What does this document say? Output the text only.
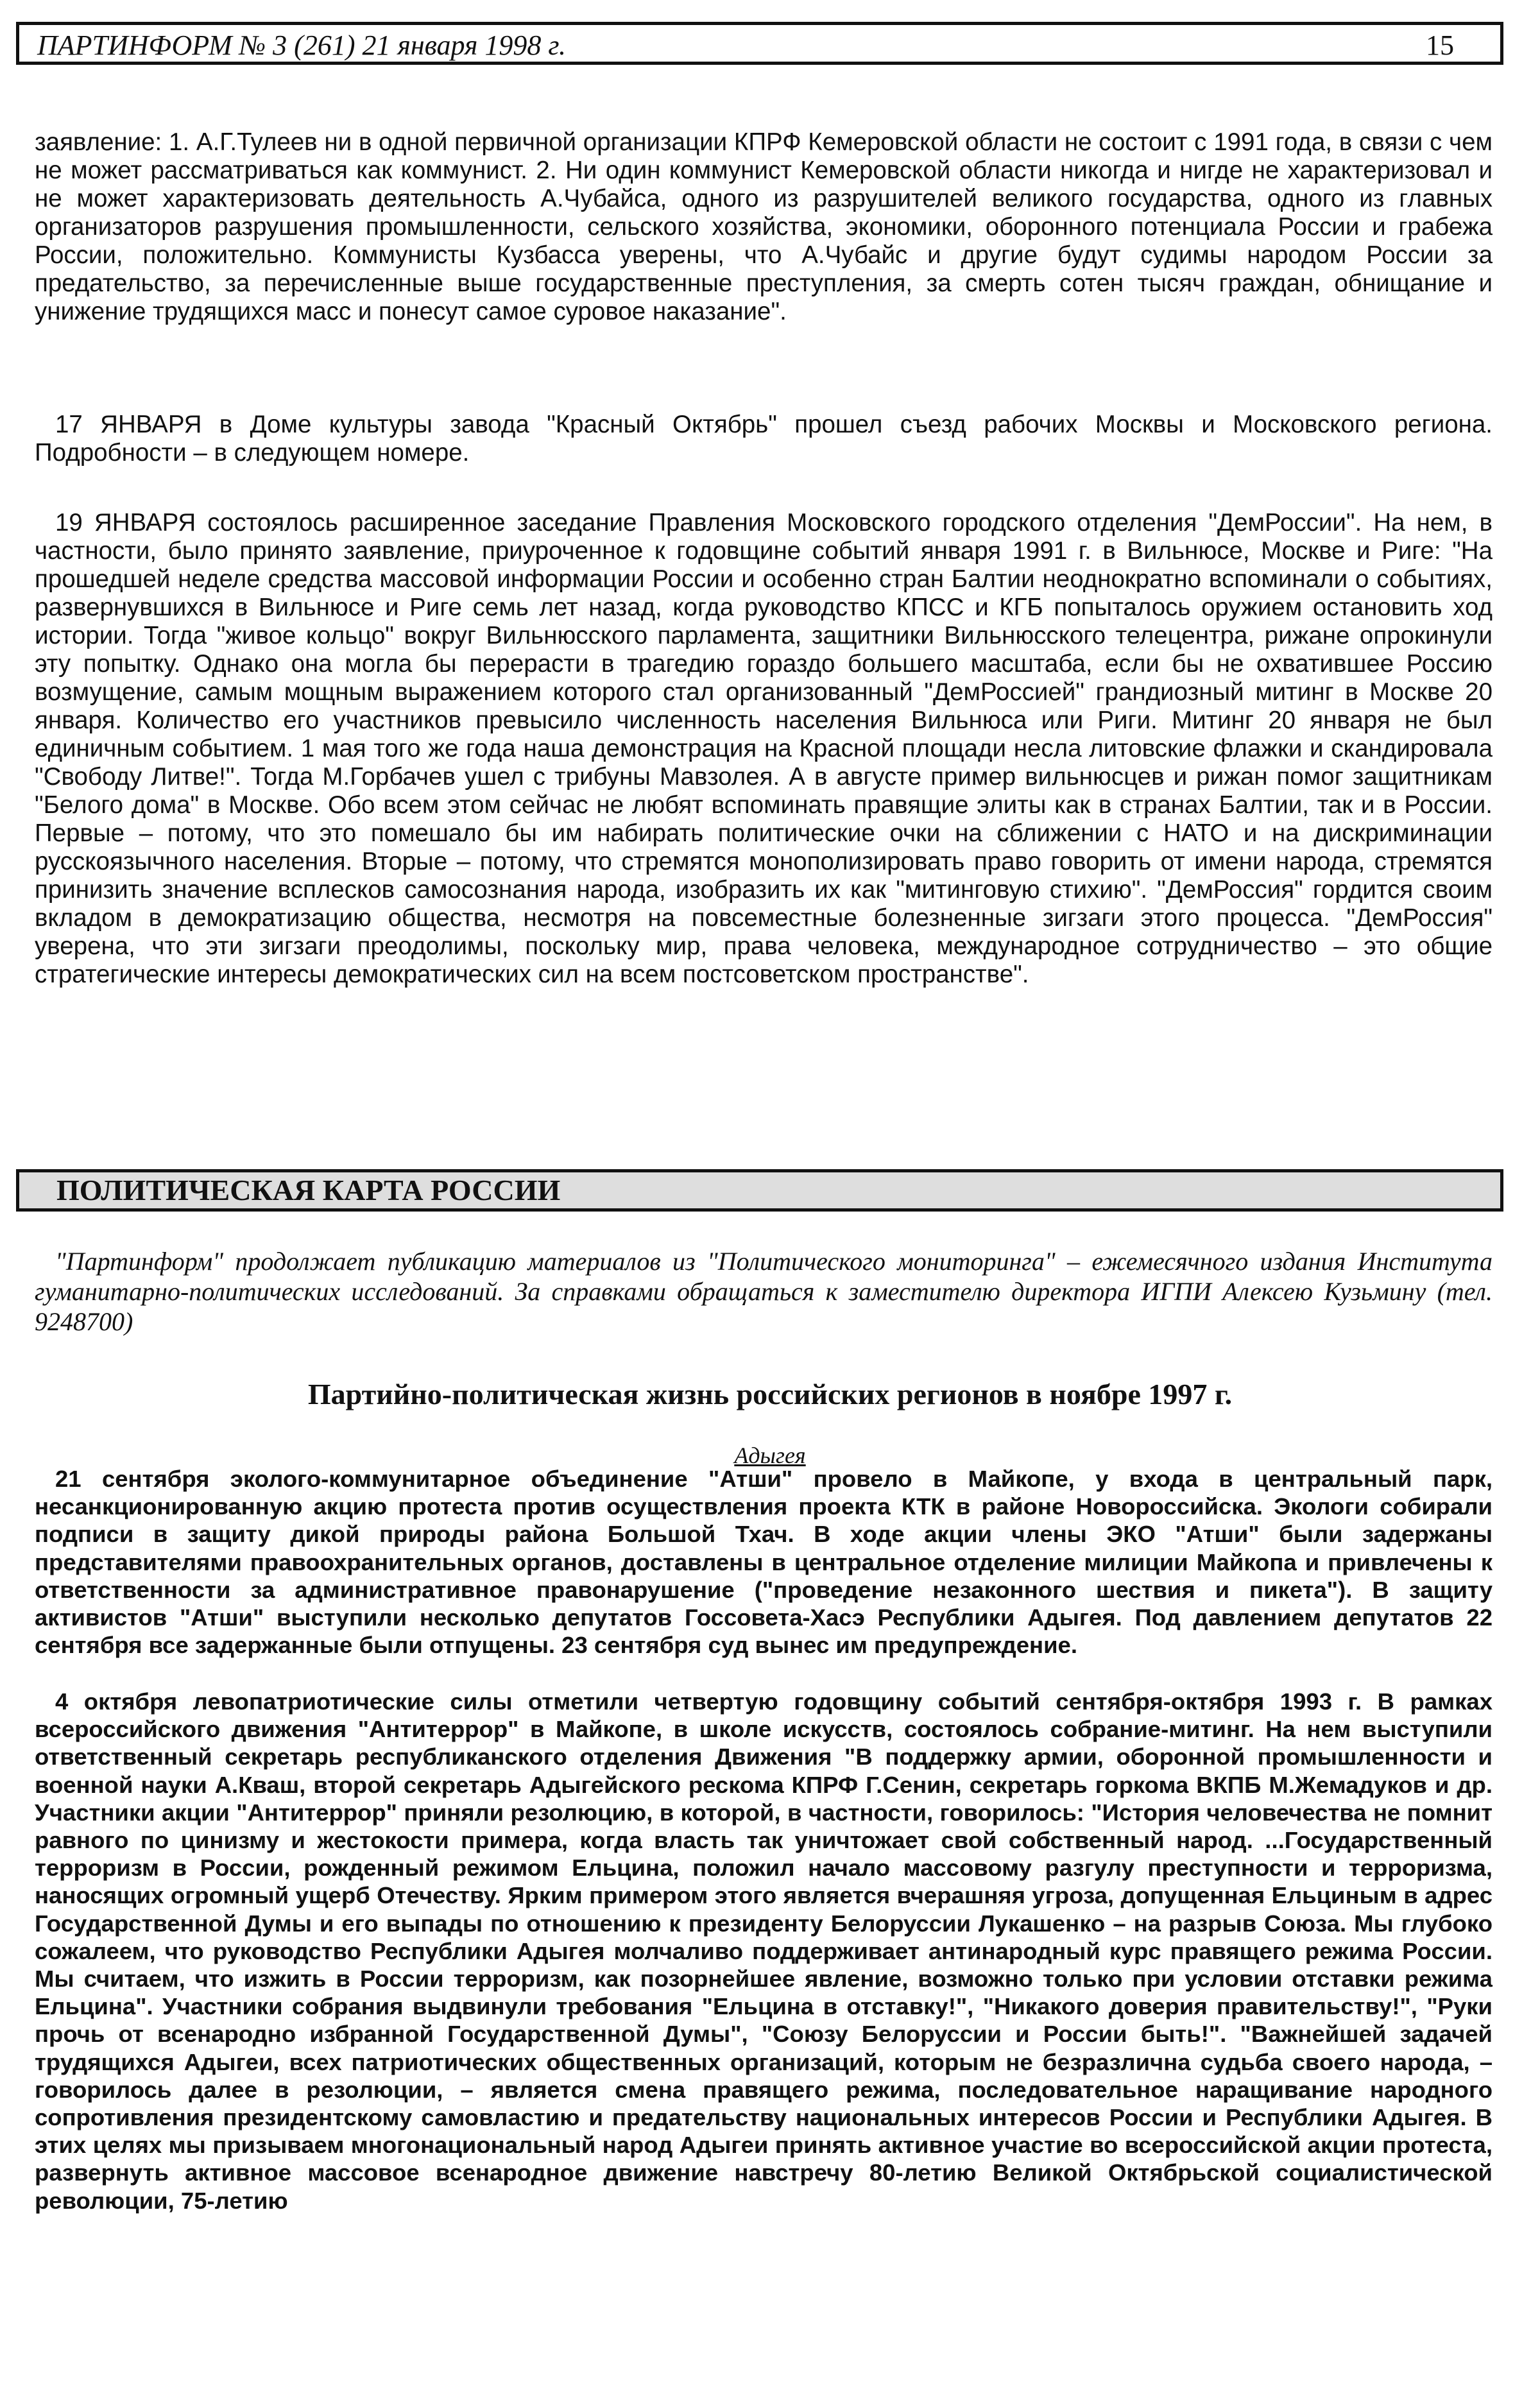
ПАРТИНФОРМ № 3 (261) 21 января 1998 г.	15

заявление: 1. А.Г.Тулеев ни в одной первичной организации КПРФ Кемеровской области не состоит с 1991 года, в связи с чем не может рассматриваться как коммунист. 2. Ни один коммунист Кемеровской области никогда и нигде не характеризовал и не может характеризовать деятельность А.Чубайса, одного из разрушителей великого государства, одного из главных организаторов разрушения промышленности, сельского хозяйства, экономики, оборонного потенциала России и грабежа России, положительно. Коммунисты Кузбасса уверены, что А.Чубайс и другие будут судимы народом России за предательство, за перечисленные выше государственные преступления, за смерть сотен тысяч граждан, обнищание и унижение трудящихся масс и понесут самое суровое наказание".

17 ЯНВАРЯ в Доме культуры завода "Красный Октябрь" прошел съезд рабочих Москвы и Московского региона. Подробности – в следующем номере.

19 ЯНВАРЯ состоялось расширенное заседание Правления Московского городского отделения "ДемРоссии". На нем, в частности, было принято заявление, приуроченное к годовщине событий января 1991 г. в Вильнюсе, Москве и Риге: "На прошедшей неделе средства массовой информации России и особенно стран Балтии неоднократно вспоминали о событиях, развернувшихся в Вильнюсе и Риге семь лет назад, когда руководство КПСС и КГБ попыталось оружием остановить ход истории. Тогда "живое кольцо" вокруг Вильнюсского парламента, защитники Вильнюсского телецентра, рижане опрокинули эту попытку. Однако она могла бы перерасти в трагедию гораздо большего масштаба, если бы не охватившее Россию возмущение, самым мощным выражением которого стал организованный "ДемРоссией" грандиозный митинг в Москве 20 января. Количество его участников превысило численность населения Вильнюса или Риги. Митинг 20 января не был единичным событием. 1 мая того же года наша демонстрация на Красной площади несла литовские флажки и скандировала "Свободу Литве!". Тогда М.Горбачев ушел с трибуны Мавзолея. А в августе пример вильнюсцев и рижан помог защитникам "Белого дома" в Москве. Обо всем этом сейчас не любят вспоминать правящие элиты как в странах Балтии, так и в России. Первые – потому, что это помешало бы им набирать политические очки на сближении с НАТО и на дискриминации русскоязычного населения. Вторые – потому, что стремятся монополизировать право говорить от имени народа, стремятся принизить значение всплесков самосознания народа, изобразить их как "митинговую стихию". "ДемРоссия" гордится своим вкладом в демократизацию общества, несмотря на повсеместные болезненные зигзаги этого процесса. "ДемРоссия" уверена, что эти зигзаги преодолимы, поскольку мир, права человека, международное сотрудничество – это общие стратегические интересы демократических сил на всем постсоветском пространстве".

ПОЛИТИЧЕСКАЯ КАРТА РОССИИ

"Партинформ" продолжает публикацию материалов из "Политического мониторинга" – ежемесячного издания Института гуманитарно-политических исследований. За справками обращаться к заместителю директора ИГПИ Алексею Кузьмину (тел. 9248700)

Партийно-политическая жизнь российских регионов в ноябре 1997 г.
Адыгея

21 сентября эколого-коммунитарное объединение "Атши" провело в Майкопе, у входа в центральный парк, несанкционированную акцию протеста против осуществления проекта КТК в районе Новороссийска. Экологи собирали подписи в защиту дикой природы района Большой Тхач. В ходе акции члены ЭКО "Атши" были задержаны представителями правоохранительных органов, доставлены в центральное отделение милиции Майкопа и привлечены к ответственности за административное правонарушение ("проведение незаконного шествия и пикета"). В защиту активистов "Атши" выступили несколько депутатов Госсовета-Хасэ Республики Адыгея. Под давлением депутатов 22 сентября все задержанные были отпущены. 23 сентября суд вынес им предупреждение.

4 октября левопатриотические силы отметили четвертую годовщину событий сентября-октября 1993 г. В рамках всероссийского движения "Антитеррор" в Майкопе, в школе искусств, состоялось собрание-митинг. На нем выступили ответственный секретарь республиканского отделения Движения "В поддержку армии, оборонной промышленности и военной науки А.Кваш, второй секретарь Адыгейского рескома КПРФ Г.Сенин, секретарь горкома ВКПБ М.Жемадуков и др. Участники акции "Антитеррор" приняли резолюцию, в которой, в частности, говорилось: "История человечества не помнит равного по цинизму и жестокости примера, когда власть так уничтожает свой собственный народ. ...Государственный терроризм в России, рожденный режимом Ельцина, положил начало массовому разгулу преступности и терроризма, наносящих огромный ущерб Отечеству. Ярким примером этого является вчерашняя угроза, допущенная Ельциным в адрес Государственной Думы и его выпады по отношению к президенту Белоруссии Лукашенко – на разрыв Союза. Мы глубоко сожалеем, что руководство Республики Адыгея молчаливо поддерживает антинародный курс правящего режима России. Мы считаем, что изжить в России терроризм, как позорнейшее явление, возможно только при условии отставки режима Ельцина". Участники собрания выдвинули требования "Ельцина в отставку!", "Никакого доверия правительству!", "Руки прочь от всенародно избранной Государственной Думы", "Союзу Белоруссии и России быть!". "Важнейшей задачей трудящихся Адыгеи, всех патриотических общественных организаций, которым не безразлична судьба своего народа, – говорилось далее в резолюции, – является смена правящего режима, последовательное наращивание народного сопротивления президентскому самовластию и предательству национальных интересов России и Республики Адыгея. В этих целях мы призываем многонациональный народ Адыгеи принять активное участие во всероссийской акции протеста, развернуть активное массовое всенародное движение навстречу 80-летию Великой Октябрьской социалистической революции, 75-летию
